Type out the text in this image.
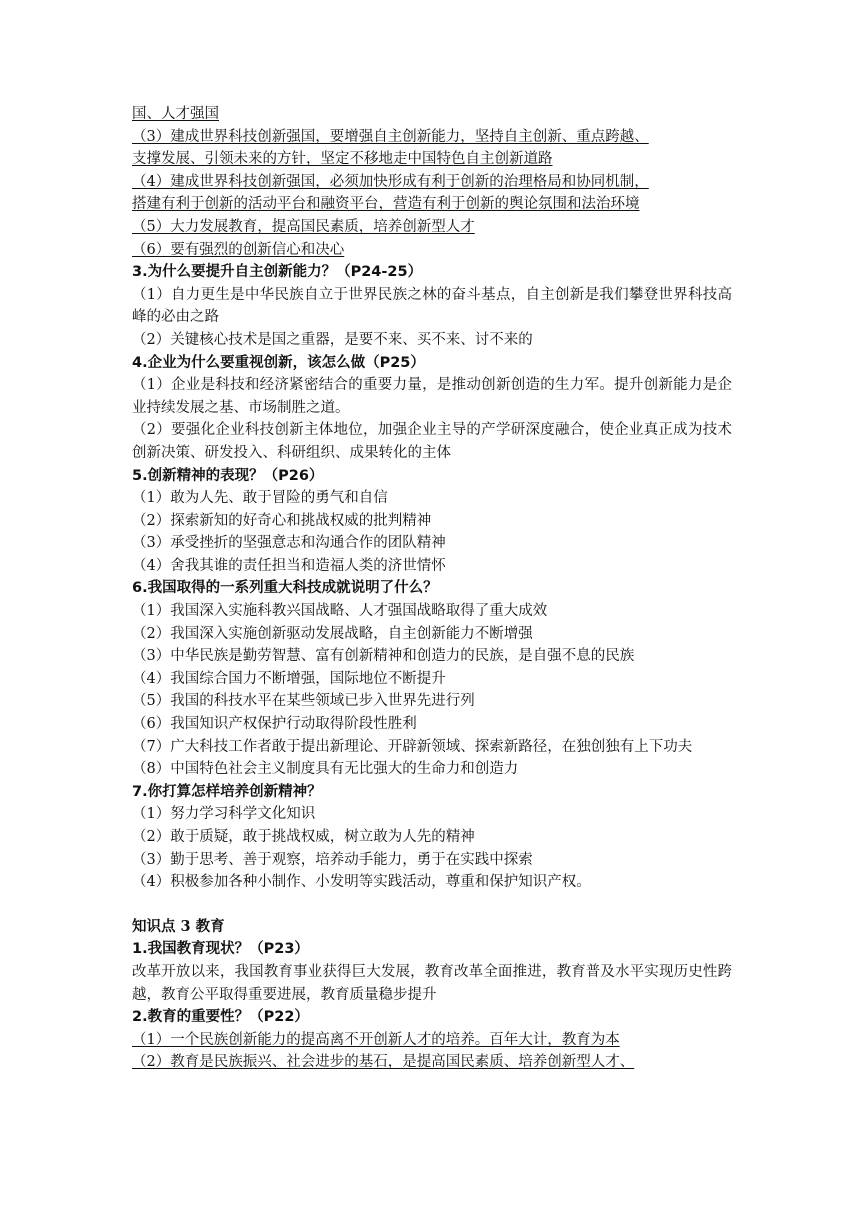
国、人才强国
（3）建成世界科技创新强国，要增强自主创新能力，坚持自主创新、重点跨越、
支撑发展、引领未来的方针，坚定不移地走中国特色自主创新道路
（4）建成世界科技创新强国，必须加快形成有利于创新的治理格局和协同机制，
搭建有利于创新的活动平台和融资平台，营造有利于创新的舆论氛围和法治环境
（5）大力发展教育，提高国民素质，培养创新型人才
（6）要有强烈的创新信心和决心
3.为什么要提升自主创新能力？（P24-25）
（1）自力更生是中华民族自立于世界民族之林的奋斗基点，自主创新是我们攀登世界科技高峰的必由之路
（2）关键核心技术是国之重器，是要不来、买不来、讨不来的
4.企业为什么要重视创新，该怎么做（P25）
（1）企业是科技和经济紧密结合的重要力量，是推动创新创造的生力军。提升创新能力是企业持续发展之基、市场制胜之道。
（2）要强化企业科技创新主体地位，加强企业主导的产学研深度融合，使企业真正成为技术创新决策、研发投入、科研组织、成果转化的主体
5.创新精神的表现？（P26）
（1）敢为人先、敢于冒险的勇气和自信
（2）探索新知的好奇心和挑战权威的批判精神
（3）承受挫折的坚强意志和沟通合作的团队精神
（4）舍我其谁的责任担当和造福人类的济世情怀
6.我国取得的一系列重大科技成就说明了什么？
（1）我国深入实施科教兴国战略、人才强国战略取得了重大成效
（2）我国深入实施创新驱动发展战略，自主创新能力不断增强
（3）中华民族是勤劳智慧、富有创新精神和创造力的民族，是自强不息的民族
（4）我国综合国力不断增强，国际地位不断提升
（5）我国的科技水平在某些领域已步入世界先进行列
（6）我国知识产权保护行动取得阶段性胜利
（7）广大科技工作者敢于提出新理论、开辟新领域、探索新路径，在独创独有上下功夫
（8）中国特色社会主义制度具有无比强大的生命力和创造力
7.你打算怎样培养创新精神？
（1）努力学习科学文化知识
（2）敢于质疑，敢于挑战权威，树立敢为人先的精神
（3）勤于思考、善于观察，培养动手能力，勇于在实践中探索
（4）积极参加各种小制作、小发明等实践活动，尊重和保护知识产权。
知识点 3 教育
1.我国教育现状？（P23）
改革开放以来，我国教育事业获得巨大发展，教育改革全面推进，教育普及水平实现历史性跨越，教育公平取得重要进展，教育质量稳步提升
2.教育的重要性？（P22）
（1）一个民族创新能力的提高离不开创新人才的培养。百年大计，教育为本
（2）教育是民族振兴、社会进步的基石，是提高国民素质、培养创新型人才、
